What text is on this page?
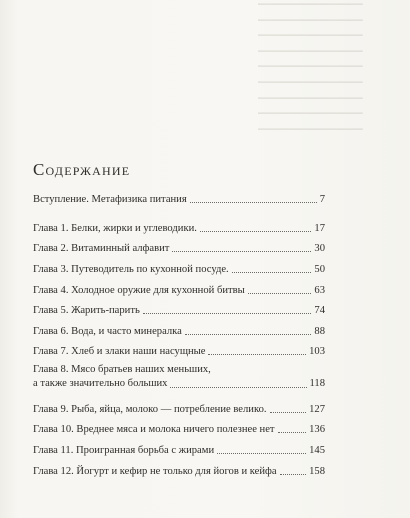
▔▔▔▔▔▔▔▔▔▔▔▔▔▔▔▔▔
▔▔▔▔▔▔▔▔▔▔▔▔▔▔▔▔▔
▔▔▔▔▔▔▔▔▔▔▔▔▔▔▔▔▔
▔▔▔▔▔▔▔▔▔▔▔▔▔▔▔▔▔
▔▔▔▔▔▔▔▔▔▔▔▔▔▔▔▔▔
▔▔▔▔▔▔▔▔▔▔▔▔▔▔▔▔▔
▔▔▔▔▔▔▔▔▔▔▔▔▔▔▔▔▔
▔▔▔▔▔▔▔▔▔▔▔▔▔▔▔▔▔
▔▔▔▔▔▔▔▔▔▔▔▔▔▔▔▔▔
Содержание
Вступление. Метафизика питания	7
Глава 1. Белки, жирки и углеводики.	17
Глава 2. Витаминный алфавит	30
Глава 3. Путеводитель по кухонной посуде.	50
Глава 4. Холодное оружие для кухонной битвы	63
Глава 5. Жарить-парить	74
Глава 6. Вода, и часто минералка	88
Глава 7. Хлеб и злаки наши насущные	103
Глава 8. Мясо братьев наших меньших,
а также значительно больших	118
Глава 9. Рыба, яйца, молоко — потребление велико.	127
Глава 10. Вреднее мяса и молока ничего полезнее нет	136
Глава 11. Проигранная борьба с жирами	145
Глава 12. Йогурт и кефир не только для йогов и кейфа	158
